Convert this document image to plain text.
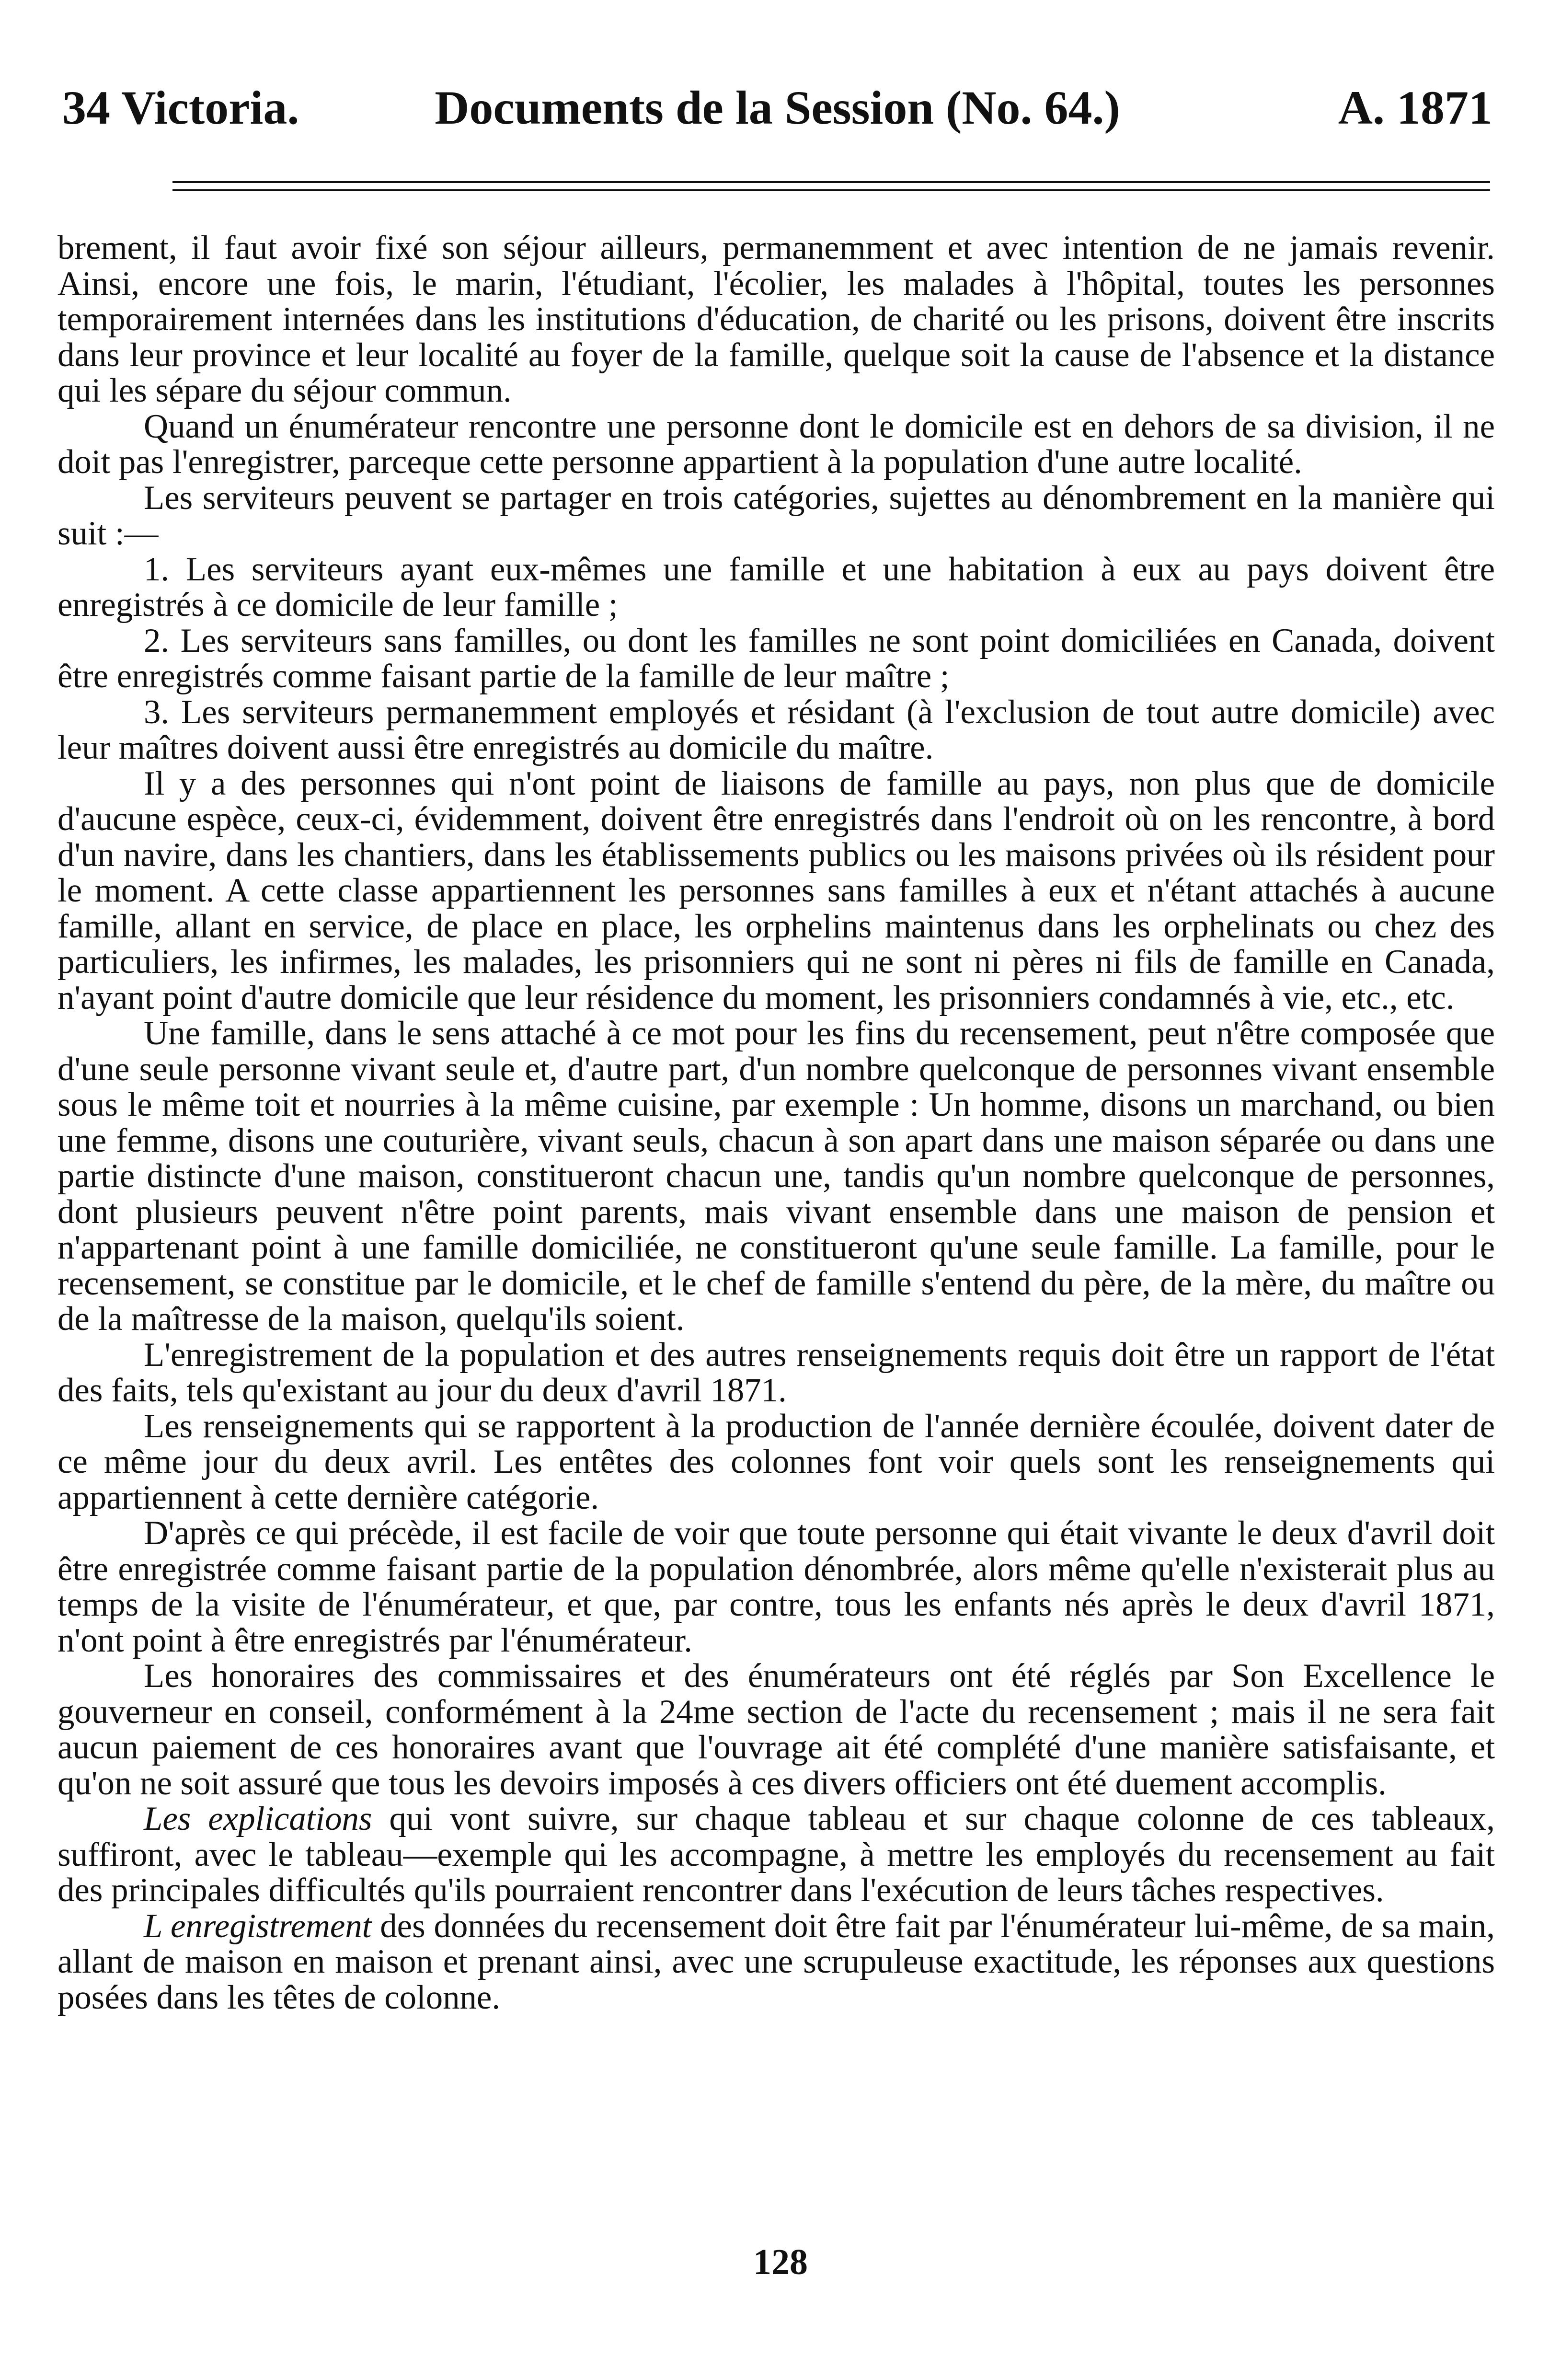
Documents de la Session (No. 64.)
34 Victoria.	A. 1871

brement, il faut avoir fixé son séjour ailleurs, permanemment et avec intention de ne jamais revenir. Ainsi, encore une fois, le marin, l'étudiant, l'écolier, les malades à l'hôpital, toutes les personnes temporairement internées dans les institutions d'éducation, de charité ou les prisons, doivent être inscrits dans leur province et leur localité au foyer de la famille, quelque soit la cause de l'absence et la distance qui les sépare du séjour commun.

Quand un énumérateur rencontre une personne dont le domicile est en dehors de sa division, il ne doit pas l'enregistrer, parceque cette personne appartient à la population d'une autre localité.

Les serviteurs peuvent se partager en trois catégories, sujettes au dénombrement en la manière qui suit :—

1. Les serviteurs ayant eux-mêmes une famille et une habitation à eux au pays doivent être enregistrés à ce domicile de leur famille ;

2. Les serviteurs sans familles, ou dont les familles ne sont point domiciliées en Canada, doivent être enregistrés comme faisant partie de la famille de leur maître ;

3. Les serviteurs permanemment employés et résidant (à l'exclusion de tout autre domicile) avec leur maîtres doivent aussi être enregistrés au domicile du maître.

Il y a des personnes qui n'ont point de liaisons de famille au pays, non plus que de domicile d'aucune espèce, ceux-ci, évidemment, doivent être enregistrés dans l'endroit où on les rencontre, à bord d'un navire, dans les chantiers, dans les établissements publics ou les maisons privées où ils résident pour le moment. A cette classe appartiennent les personnes sans familles à eux et n'étant attachés à aucune famille, allant en service, de place en place, les orphelins maintenus dans les orphelinats ou chez des particuliers, les infirmes, les malades, les prisonniers qui ne sont ni pères ni fils de famille en Canada, n'ayant point d'autre domicile que leur résidence du moment, les prisonniers condamnés à vie, etc., etc.

Une famille, dans le sens attaché à ce mot pour les fins du recensement, peut n'être composée que d'une seule personne vivant seule et, d'autre part, d'un nombre quelconque de personnes vivant ensemble sous le même toit et nourries à la même cuisine, par exemple : Un homme, disons un marchand, ou bien une femme, disons une couturière, vivant seuls, chacun à son apart dans une maison séparée ou dans une partie distincte d'une maison, constitueront chacun une, tandis qu'un nombre quelconque de personnes, dont plusieurs peuvent n'être point parents, mais vivant ensemble dans une maison de pension et n'appartenant point à une famille domiciliée, ne constitueront qu'une seule famille. La famille, pour le recensement, se constitue par le domicile, et le chef de famille s'entend du père, de la mère, du maître ou de la maîtresse de la maison, quelqu'ils soient.

L'enregistrement de la population et des autres renseignements requis doit être un rapport de l'état des faits, tels qu'existant au jour du deux d'avril 1871.

Les renseignements qui se rapportent à la production de l'année dernière écoulée, doivent dater de ce même jour du deux avril. Les entêtes des colonnes font voir quels sont les renseignements qui appartiennent à cette dernière catégorie.

D'après ce qui précède, il est facile de voir que toute personne qui était vivante le deux d'avril doit être enregistrée comme faisant partie de la population dénombrée, alors même qu'elle n'existerait plus au temps de la visite de l'énumérateur, et que, par contre, tous les enfants nés après le deux d'avril 1871, n'ont point à être enregistrés par l'énumérateur.

Les honoraires des commissaires et des énumérateurs ont été réglés par Son Excellence le gouverneur en conseil, conformément à la 24me section de l'acte du recensement ; mais il ne sera fait aucun paiement de ces honoraires avant que l'ouvrage ait été complété d'une manière satisfaisante, et qu'on ne soit assuré que tous les devoirs imposés à ces divers officiers ont été duement accomplis.

Les explications qui vont suivre, sur chaque tableau et sur chaque colonne de ces tableaux, suffiront, avec le tableau—exemple qui les accompagne, à mettre les employés du recensement au fait des principales difficultés qu'ils pourraient rencontrer dans l'exécution de leurs tâches respectives.

L enregistrement des données du recensement doit être fait par l'énumérateur lui-même, de sa main, allant de maison en maison et prenant ainsi, avec une scrupuleuse exactitude, les réponses aux questions posées dans les têtes de colonne.

128
